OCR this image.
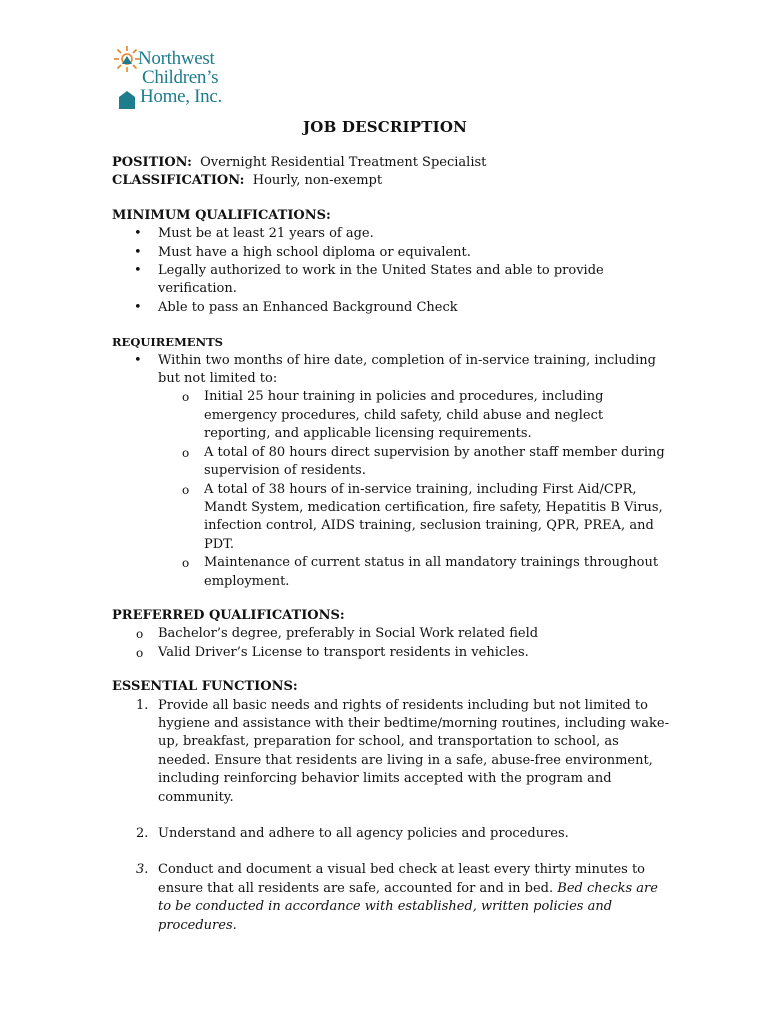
Northwest
Children’s
Home, Inc.
JOB DESCRIPTION

POSITION: Overnight Residential Treatment Specialist

CLASSIFICATION: Hourly, non-exempt

MINIMUM QUALIFICATIONS:
• Must be at least 21 years of age.
• Must have a high school diploma or equivalent.
• Legally authorized to work in the United States and able to provide verification.
• Able to pass an Enhanced Background Check
REQUIREMENTS
• Within two months of hire date, completion of in-service training, including but not limited to:
o Initial 25 hour training in policies and procedures, including emergency procedures, child safety, child abuse and neglect reporting, and applicable licensing requirements.
o A total of 80 hours direct supervision by another staff member during supervision of residents.
o A total of 38 hours of in-service training, including First Aid/CPR, Mandt System, medication certification, fire safety, Hepatitis B Virus, infection control, AIDS training, seclusion training, QPR, PREA, and PDT.
o Maintenance of current status in all mandatory trainings throughout employment.
PREFERRED QUALIFICATIONS:
o Bachelor’s degree, preferably in Social Work related field
o Valid Driver’s License to transport residents in vehicles.
ESSENTIAL FUNCTIONS:
1. Provide all basic needs and rights of residents including but not limited to hygiene and assistance with their bedtime/morning routines, including wake-up, breakfast, preparation for school, and transportation to school, as needed. Ensure that residents are living in a safe, abuse-free environment, including reinforcing behavior limits accepted with the program and community.
2. Understand and adhere to all agency policies and procedures.
3. Conduct and document a visual bed check at least every thirty minutes to ensure that all residents are safe, accounted for and in bed. Bed checks are to be conducted in accordance with established, written policies and procedures.
